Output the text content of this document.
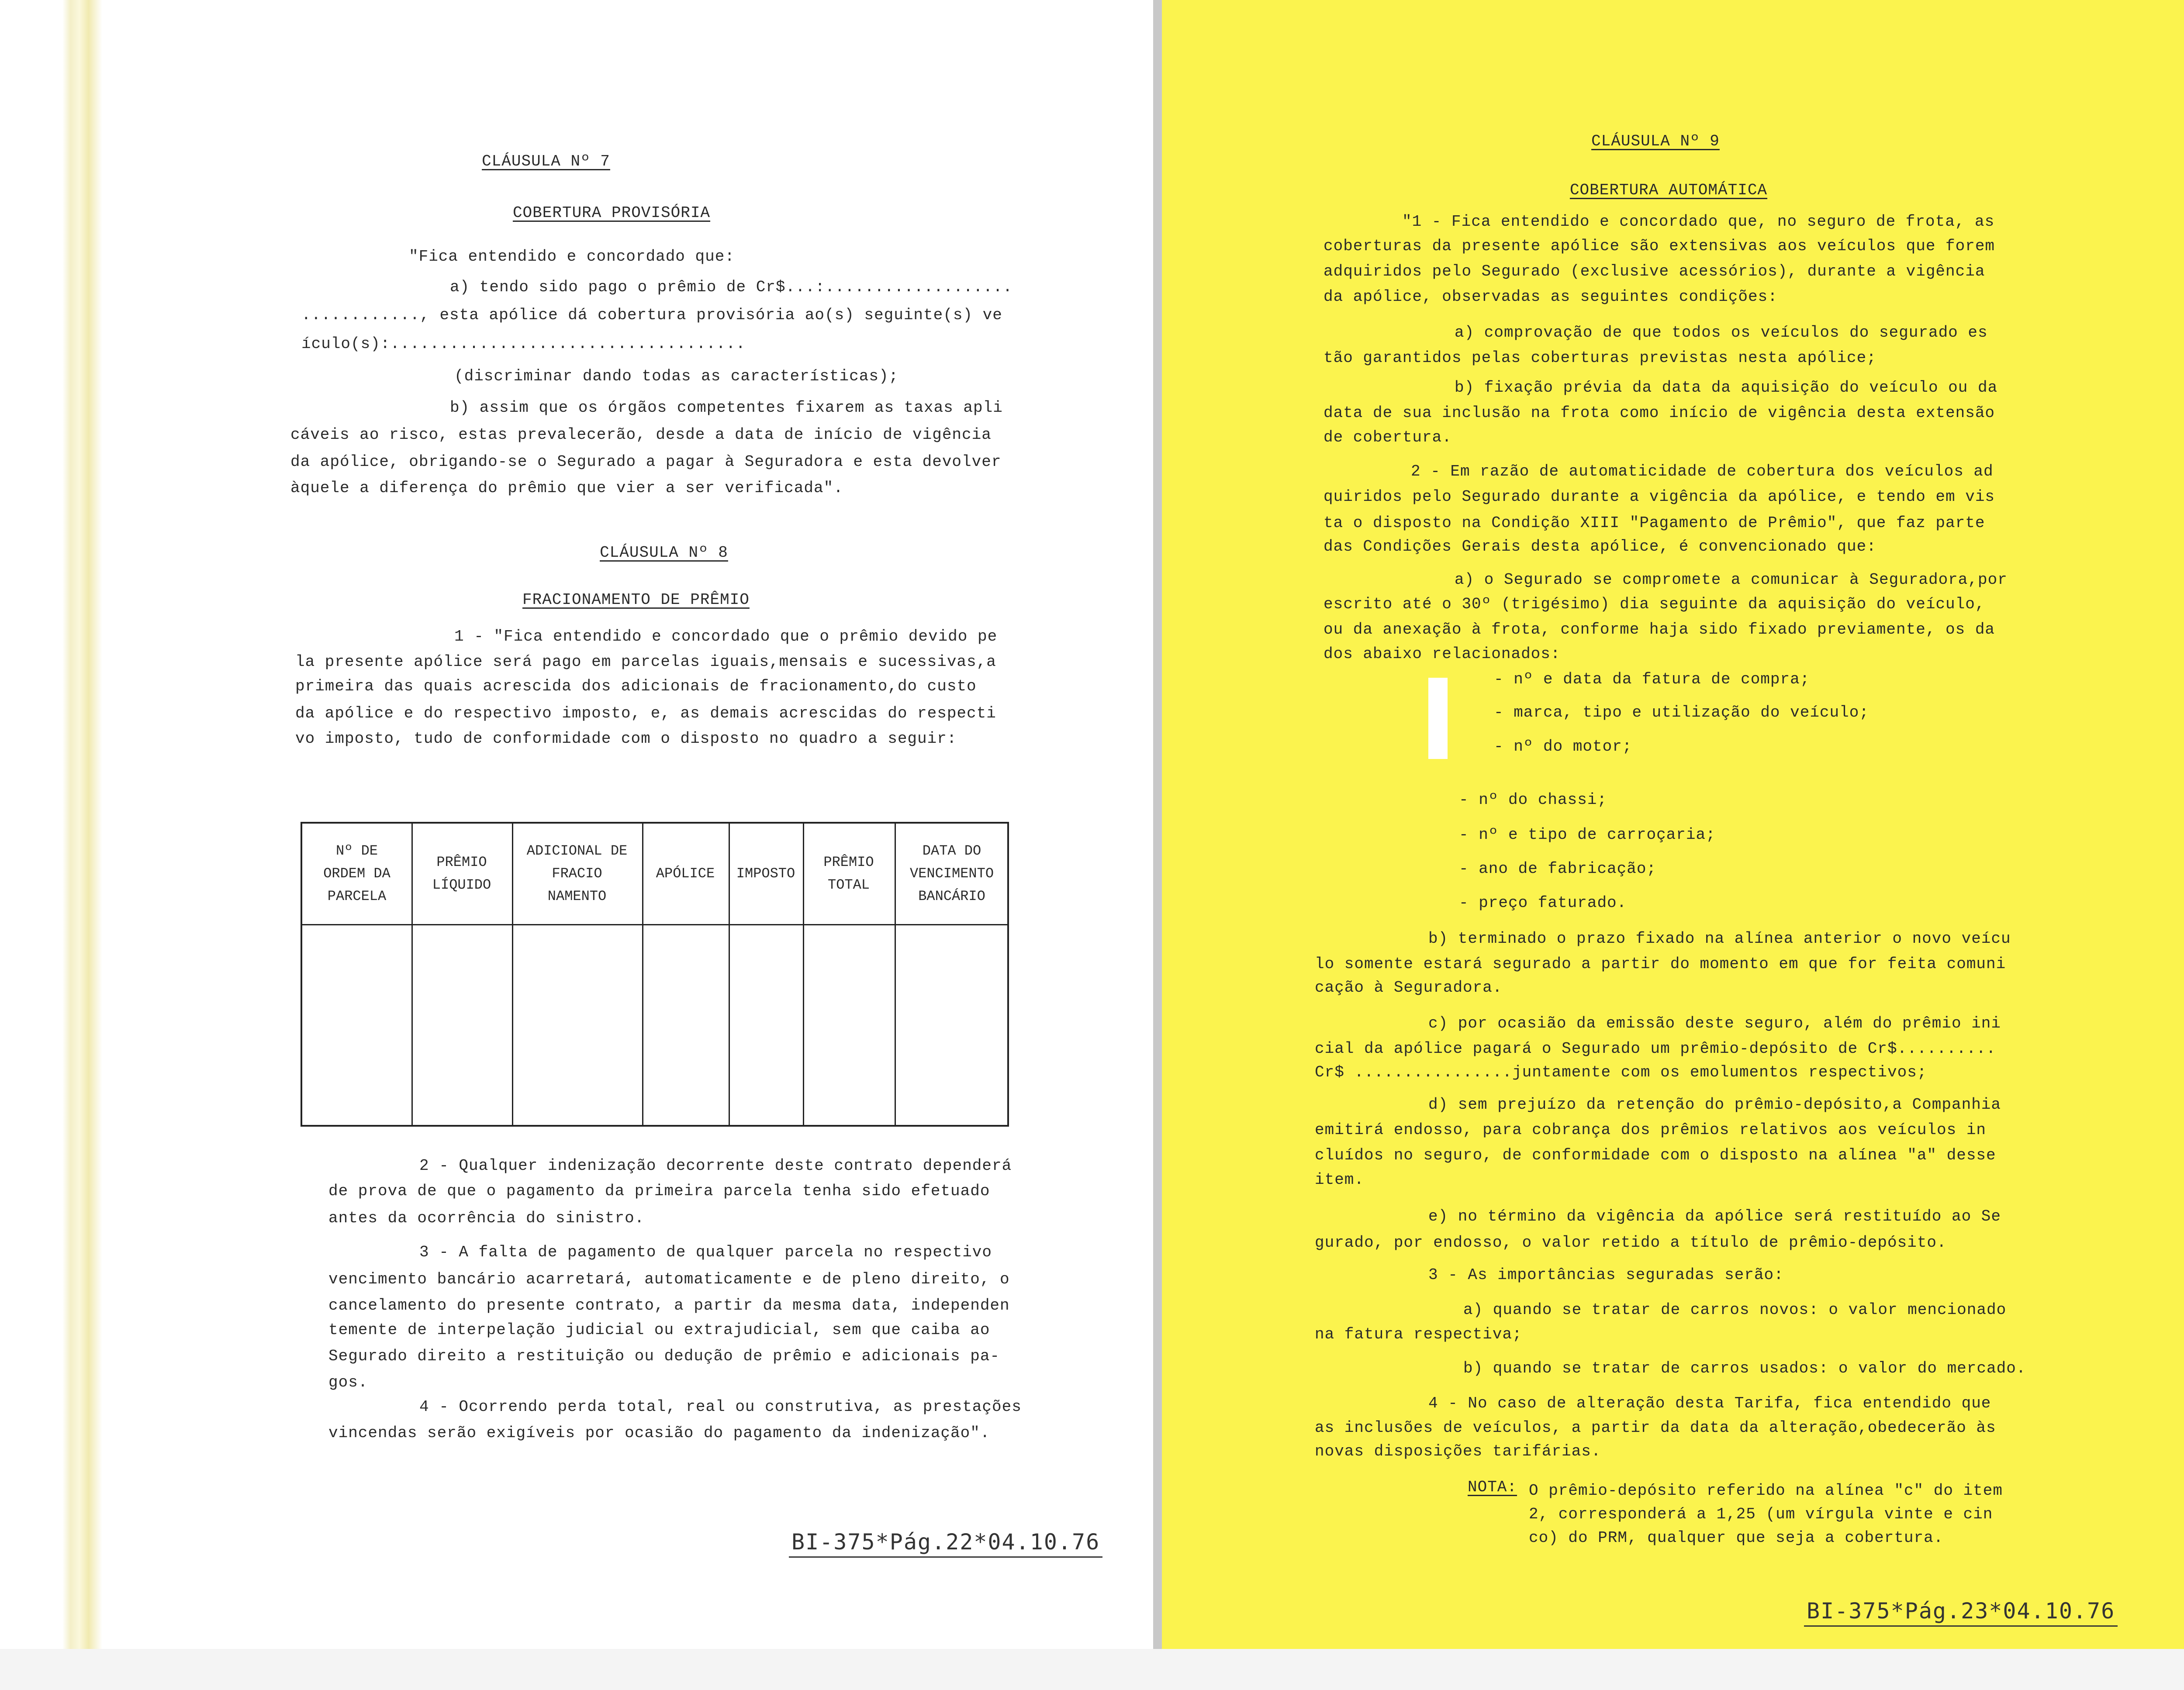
CLÁUSULA Nº 7
COBERTURA PROVISÓRIA
"Fica entendido e concordado que:
a) tendo sido pago o prêmio de Cr$...:...................
............, esta apólice dá cobertura provisória ao(s) seguinte(s) ve
ículo(s):....................................
(discriminar dando todas as características);
b) assim que os órgãos competentes fixarem as taxas apli
cáveis ao risco, estas prevalecerão, desde a data de início de vigência
da apólice, obrigando-se o Segurado a pagar à Seguradora e esta devolver
àquele a diferença do prêmio que vier a ser verificada".
CLÁUSULA Nº 8
FRACIONAMENTO DE PRÊMIO
1 - "Fica entendido e concordado que o prêmio devido pe
la presente apólice será pago em parcelas iguais,mensais e sucessivas,a
primeira das quais acrescida dos adicionais de fracionamento,do custo
da apólice e do respectivo imposto, e, as demais acrescidas do respecti
vo imposto, tudo de conformidade com o disposto no quadro a seguir:
Nº DE
ORDEM DA
PARCELA
PRÊMIO
LÍQUIDO
ADICIONAL DE
FRACIO
NAMENTO
APÓLICE	IMPOSTO
PRÊMIO
TOTAL
DATA DO
VENCIMENTO
BANCÁRIO
2 - Qualquer indenização decorrente deste contrato dependerá
de prova de que o pagamento da primeira parcela tenha sido efetuado
antes da ocorrência do sinistro.
3 - A falta de pagamento de qualquer parcela no respectivo
vencimento bancário acarretará, automaticamente e de pleno direito, o
cancelamento do presente contrato, a partir da mesma data, independen
temente de interpelação judicial ou extrajudicial, sem que caiba ao
Segurado direito a restituição ou dedução de prêmio e adicionais pa-
gos.
4 - Ocorrendo perda total, real ou construtiva, as prestações
vincendas serão exigíveis por ocasião do pagamento da indenização".
BI-375*Pág.22*04.10.76
CLÁUSULA Nº 9
COBERTURA AUTOMÁTICA
"1 - Fica entendido e concordado que, no seguro de frota, as
coberturas da presente apólice são extensivas aos veículos que forem
adquiridos pelo Segurado (exclusive acessórios), durante a vigência
da apólice, observadas as seguintes condições:
a) comprovação de que todos os veículos do segurado es
tão garantidos pelas coberturas previstas nesta apólice;
b) fixação prévia da data da aquisição do veículo ou da
data de sua inclusão na frota como início de vigência desta extensão
de cobertura.
2 - Em razão de automaticidade de cobertura dos veículos ad
quiridos pelo Segurado durante a vigência da apólice, e tendo em vis
ta o disposto na Condição XIII "Pagamento de Prêmio", que faz parte
das Condições Gerais desta apólice, é convencionado que:
a) o Segurado se compromete a comunicar à Seguradora,por
escrito até o 30º (trigésimo) dia seguinte da aquisição do veículo,
ou da anexação à frota, conforme haja sido fixado previamente, os da
dos abaixo relacionados:
- nº e data da fatura de compra;
- marca, tipo e utilização do veículo;
- nº do motor;
- nº do chassi;
- nº e tipo de carroçaria;
- ano de fabricação;
- preço faturado.
b) terminado o prazo fixado na alínea anterior o novo veícu
lo somente estará segurado a partir do momento em que for feita comuni
cação à Seguradora.
c) por ocasião da emissão deste seguro, além do prêmio ini
cial da apólice pagará o Segurado um prêmio-depósito de Cr$..........
Cr$ ................juntamente com os emolumentos respectivos;
d) sem prejuízo da retenção do prêmio-depósito,a Companhia
emitirá endosso, para cobrança dos prêmios relativos aos veículos in
cluídos no seguro, de conformidade com o disposto na alínea "a" desse
item.
e) no término da vigência da apólice será restituído ao Se
gurado, por endosso, o valor retido a título de prêmio-depósito.
3 - As importâncias seguradas serão:
a) quando se tratar de carros novos: o valor mencionado
na fatura respectiva;
b) quando se tratar de carros usados: o valor do mercado.
4 - No caso de alteração desta Tarifa, fica entendido que
as inclusões de veículos, a partir da data da alteração,obedecerão às
novas disposições tarifárias.
NOTA: O prêmio-depósito referido na alínea "c" do item
2, corresponderá a 1,25 (um vírgula vinte e cin
co) do PRM, qualquer que seja a cobertura.
BI-375*Pág.23*04.10.76
